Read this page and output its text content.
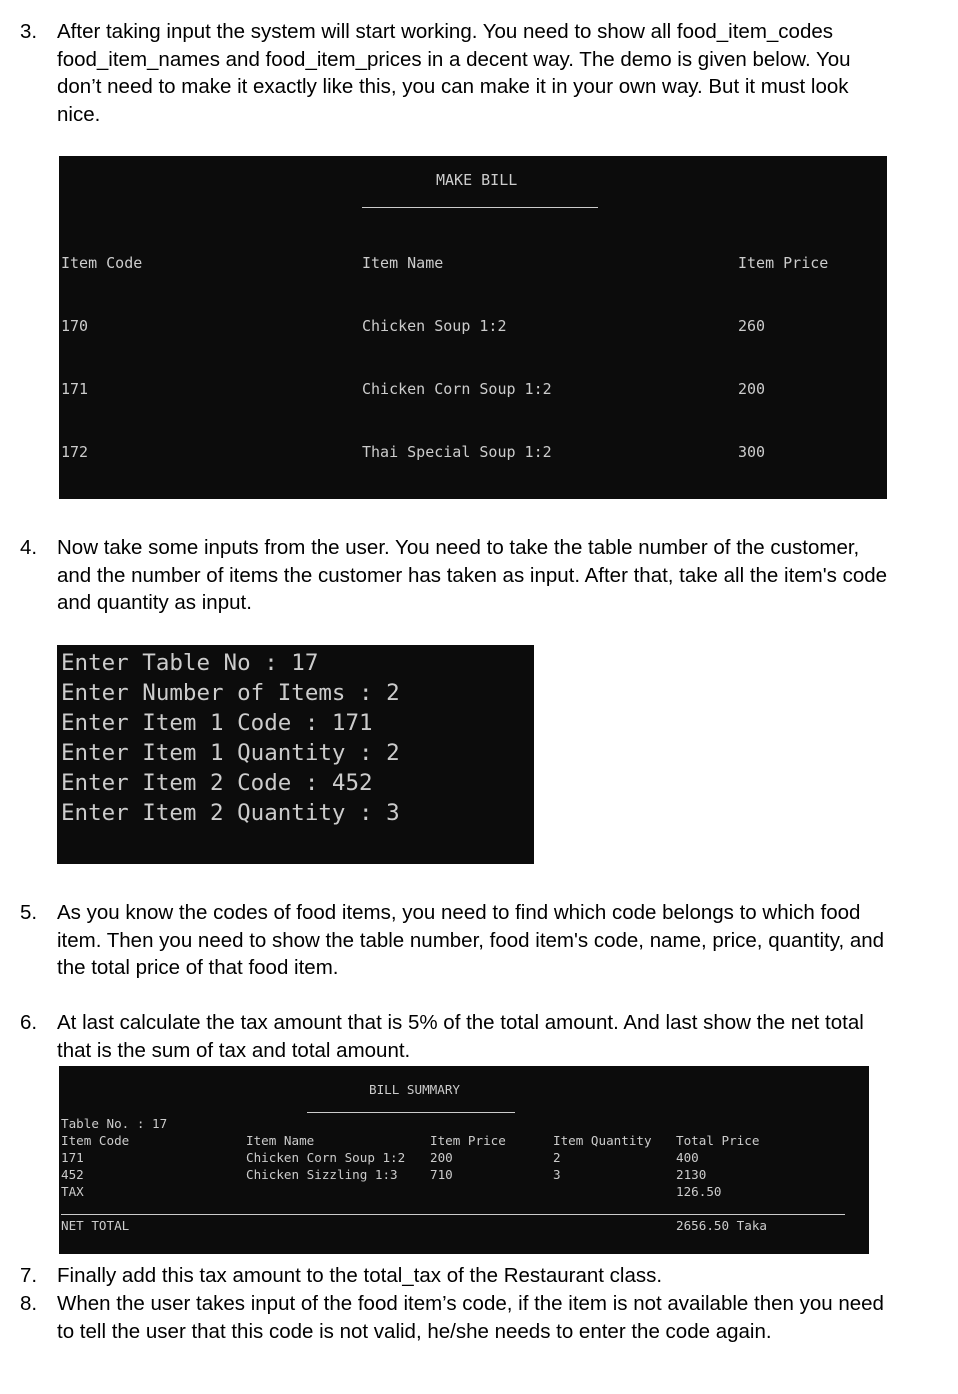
3. After taking input the system will start working. You need to show all food_item_codes food_item_names and food_item_prices in a decent way. The demo is given below. You don’t need to make it exactly like this, you can make it in your own way. But it must look nice.
MAKE BILL

Item Code

170

171

172

Item Name

Chicken Soup 1:2

Chicken Corn Soup 1:2

Thai Special Soup 1:2

Item Price

260

200

300

4. Now take some inputs from the user. You need to take the table number of the customer, and the number of items the customer has taken as input. After that, take all the item's code and quantity as input.
Enter Table No : 17
Enter Number of Items : 2
Enter Item 1 Code : 171
Enter Item 1 Quantity : 2
Enter Item 2 Code : 452
Enter Item 2 Quantity : 3
5. As you know the codes of food items, you need to find which code belongs to which food item. Then you need to show the table number, food item's code, name, price, quantity, and the total price of that food item.
6. At last calculate the tax amount that is 5% of the total amount. And last show the net total that is the sum of tax and total amount.
BILL SUMMARY
Table No. : 17
Item Code
171
452
TAX
Item Name
Chicken Corn Soup 1:2
Chicken Sizzling 1:3
Item Price
200
710
Item Quantity
2
3
Total Price
400
2130
126.50
NET TOTAL	2656.50 Taka
7. Finally add this tax amount to the total_tax of the Restaurant class.
8. When the user takes input of the food item’s code, if the item is not available then you need to tell the user that this code is not valid, he/she needs to enter the code again.
